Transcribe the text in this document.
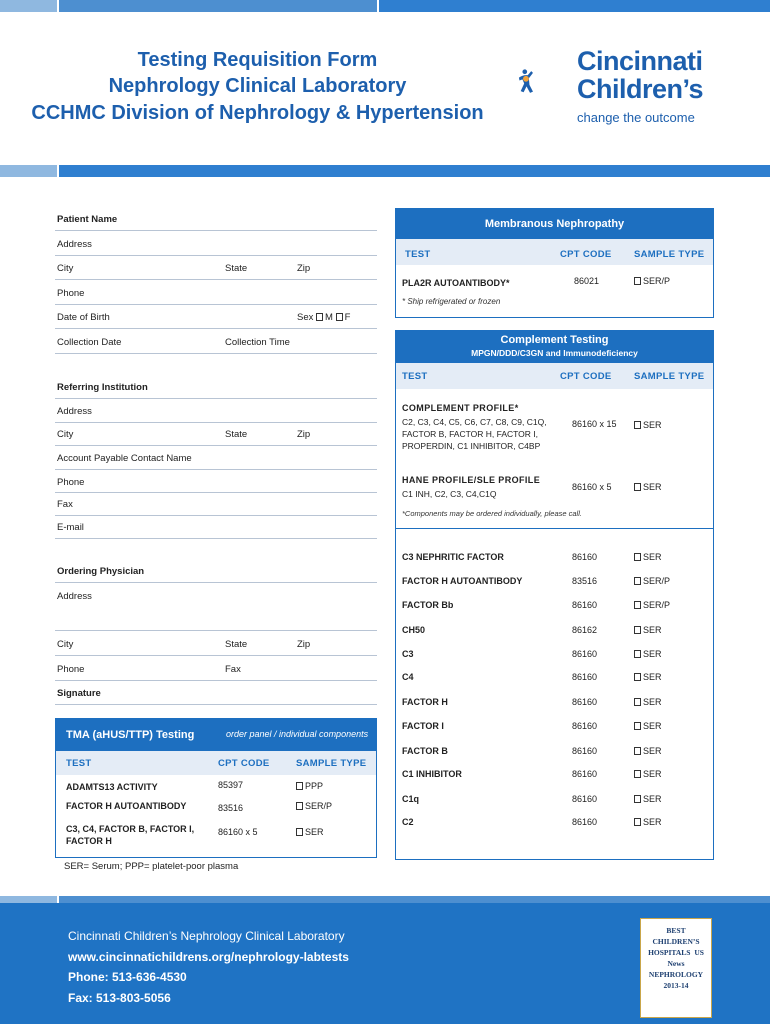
Testing Requisition Form
Nephrology Clinical Laboratory
CCHMC Division of Nephrology & Hypertension
Cincinnati
Children’s
change the outcome
Patient Name
Address
City	State	Zip
Phone
Date of Birth	Sex M F
Collection Date	Collection Time
Referring Institution
Address
City	State	Zip
Account Payable Contact Name
Phone
Fax
E-mail
Ordering Physician
Address
City	State	Zip
Phone	Fax
Signature
TMA (aHUS/TTP) Testing	order panel / individual components
TEST	CPT CODE	SAMPLE TYPE
ADAMTS13 ACTIVITY	85397	PPP
FACTOR H AUTOANTIBODY	83516	SER/P
C3, C4, FACTOR B, FACTOR I,
FACTOR H
86160 x 5	SER
SER= Serum; PPP= platelet-poor plasma
Membranous Nephropathy
TEST	CPT CODE SAMPLE TYPE
PLA2R AUTOANTIBODY*	86021	SER/P
* Ship refrigerated or frozen
Complement Testing
MPGN/DDD/C3GN and Immunodeficiency
TEST	CPT CODE SAMPLE TYPE
COMPLEMENT PROFILE*
C2, C3, C4, C5, C6, C7, C8, C9, C1Q,
FACTOR B, FACTOR H, FACTOR I,
PROPERDIN, C1 INHIBITOR, C4BP
86160 x 15	SER
HANE PROFILE/SLE PROFILE
C1 INH, C2, C3, C4,C1Q
86160 x 5	SER
*Components may be ordered individually, please call.
C3 NEPHRITIC FACTOR	86160	SER
FACTOR H AUTOANTIBODY	83516	SER/P
FACTOR Bb	86160	SER/P
CH50	86162	SER
C3	86160	SER
C4	86160	SER
FACTOR H	86160	SER
FACTOR I	86160	SER
FACTOR B	86160	SER
C1 INHIBITOR	86160	SER
C1q	86160	SER
C2	86160	SER
Cincinnati Children’s Nephrology Clinical Laboratory
www.cincinnatichildrens.org/nephrology-labtests
Phone: 513-636-4530
Fax: 513-803-5056
BEST CHILDREN’S HOSPITALS US News NEPHROLOGY 2013-14
